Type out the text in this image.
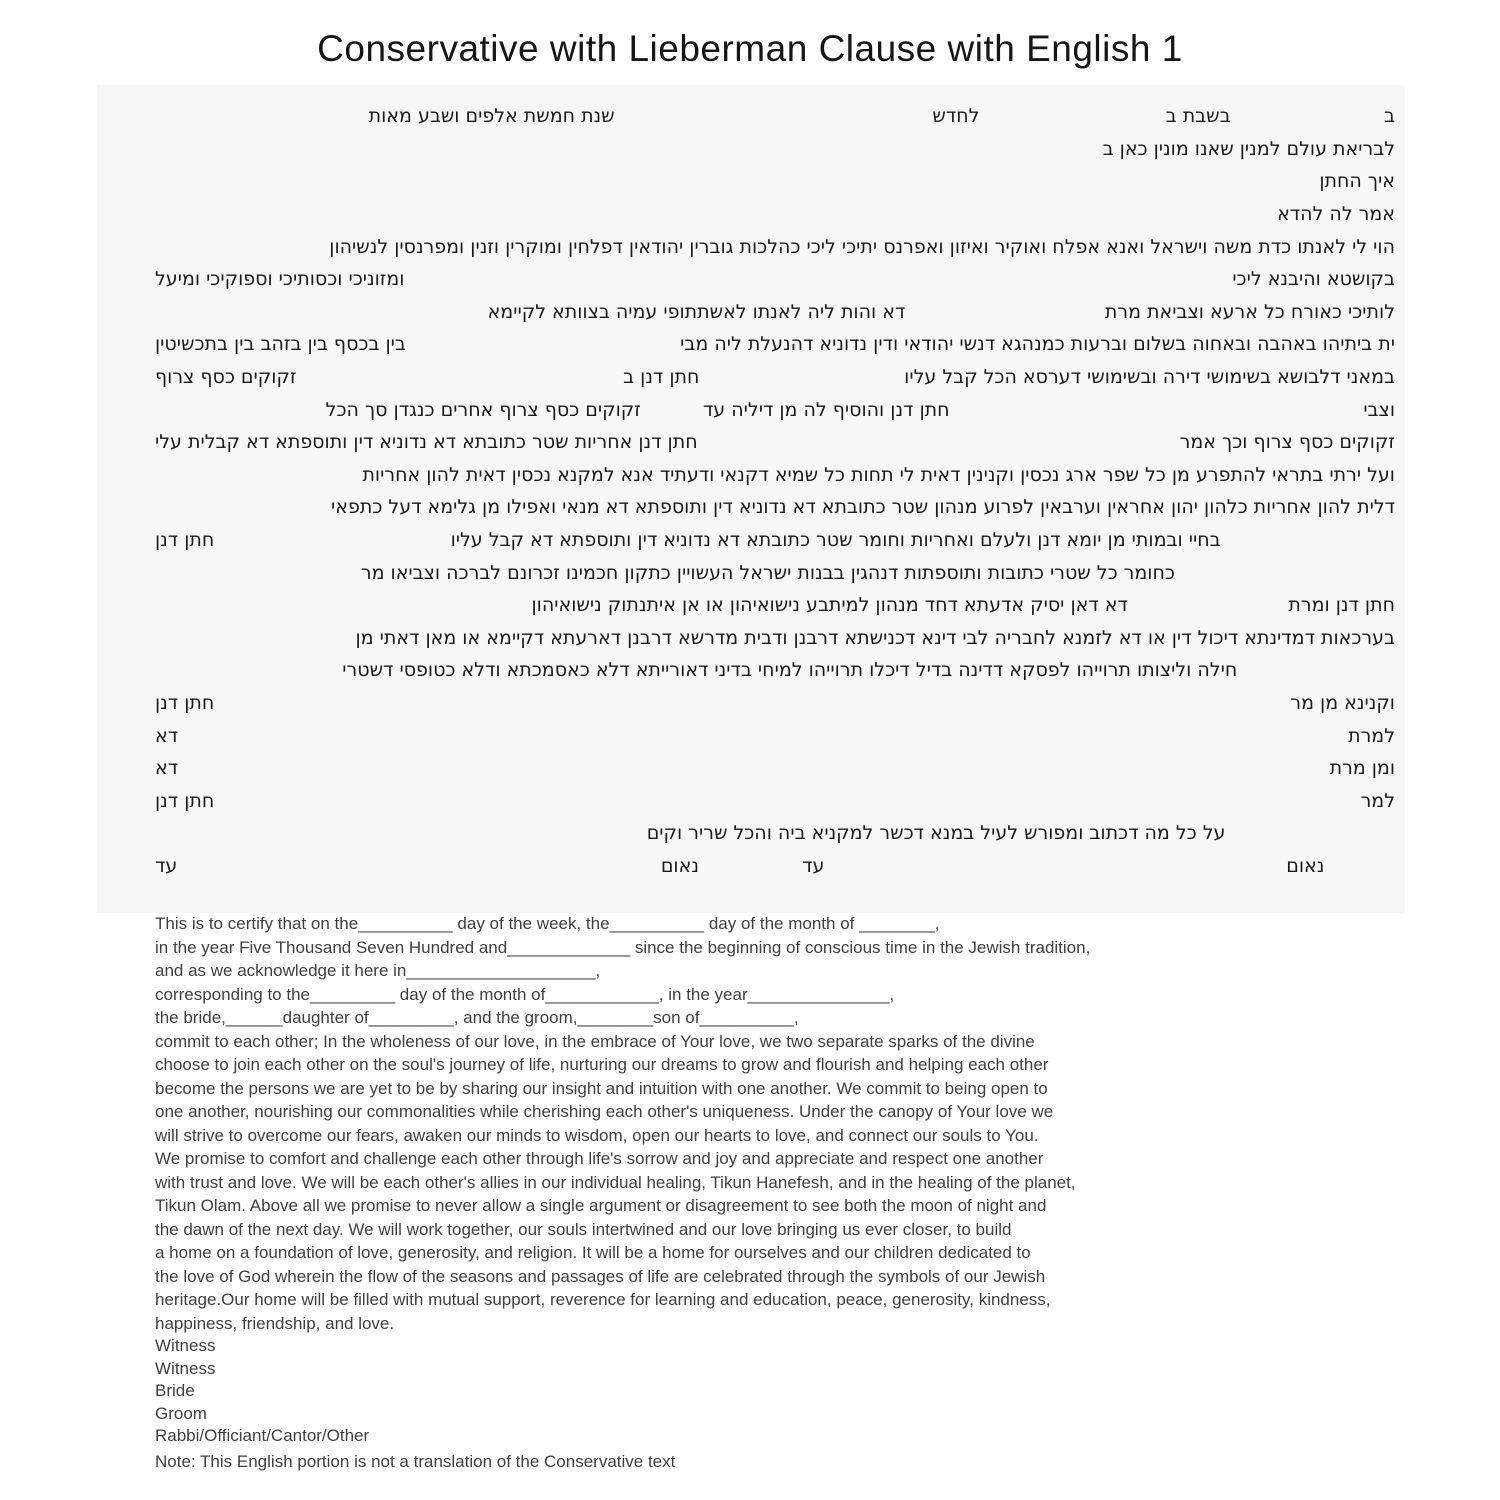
Conservative with Lieberman Clause with English 1
ב
בשבת ב
לחדש
שנת חמשת אלפים ושבע מאות
לבריאת עולם למנין שאנו מונין כאן ב
איך החתן
אמר לה להדא
הוי לי לאנתו כדת משה וישראל ואנא אפלח ואוקיר ואיזון ואפרנס יתיכי ליכי כהלכות גוברין יהודאין דפלחין ומוקרין וזנין ומפרנסין לנשיהון
בקושטא והיבנא ליכי
ומזוניכי וכסותיכי וספוקיכי ומיעל
לותיכי כאורח כל ארעא וצביאת מרת
דא והות ליה לאנתו לאשתתופי עמיה בצוותא לקיימא
ית ביתיהו באהבה ובאחוה בשלום וברעות כמנהגא דנשי יהודאי ודין נדוניא דהנעלת ליה מבי
בין בכסף בין בזהב בין בתכשיטין
במאני דלבושא בשימושי דירה ובשימושי דערסא הכל קבל עליו
חתן דנן ב
זקוקים כסף צרוף
וצבי
חתן דנן והוסיף לה מן דיליה עד
זקוקים כסף צרוף אחרים כנגדן סך הכל
זקוקים כסף צרוף וכך אמר
חתן דנן אחריות שטר כתובתא דא נדוניא דין ותוספתא דא קבלית עלי
ועל ירתי בתראי להתפרע מן כל שפר ארג נכסין וקנינין דאית לי תחות כל שמיא דקנאי ודעתיד אנא למקנא נכסין דאית להון אחריות
דלית להון אחריות כלהון יהון אחראין וערבאין לפרוע מנהון שטר כתובתא דא נדוניא דין ותוספתא דא מנאי ואפילו מן גלימא דעל כתפאי
בחיי ובמותי מן יומא דנן ולעלם ואחריות וחומר שטר כתובתא דא נדוניא דין ותוספתא דא קבל עליו
חתן דנן
כחומר כל שטרי כתובות ותוספתות דנהגין בבנות ישראל העשויין כתקון חכמינו זכרונם לברכה וצביאו מר
חתן דנן ומרת
דא דאן יסיק אדעתא דחד מנהון למיתבע נישואיהון או אן איתנתוק נישואיהון
בערכאות דמדינתא דיכול דין או דא לזמנא לחבריה לבי דינא דכנישתא דרבנן ודבית מדרשא דרבנן דארעתא דקיימא או מאן דאתי מן
חילה וליצותו תרוייהו לפסקא דדינה בדיל דיכלו תרוייהו למיחי בדיני דאורייתא דלא כאסמכתא ודלא כטופסי דשטרי
וקנינא מן מר
חתן דנן
למרת
דא
ומן מרת
דא
למר
חתן דנן
על כל מה דכתוב ומפורש לעיל במנא דכשר למקניא ביה והכל שריר וקים
נאום
עד
נאום
עד
This is to certify that on the__________ day of the week, the__________ day of the month of ________,
in the year Five Thousand Seven Hundred and_____________ since the beginning of conscious time in the Jewish tradition,
and as we acknowledge it here in____________________,
corresponding to the_________ day of the month of____________, in the year_______________,
the bride,______daughter of_________, and the groom,________son of__________,
commit to each other; In the wholeness of our love, in the embrace of Your love, we two separate sparks of the divine
choose to join each other on the soul's journey of life, nurturing our dreams to grow and flourish and helping each other
become the persons we are yet to be by sharing our insight and intuition with one another. We commit to being open to
one another, nourishing our commonalities while cherishing each other's uniqueness. Under the canopy of Your love we
will strive to overcome our fears, awaken our minds to wisdom, open our hearts to love, and connect our souls to You.
We promise to comfort and challenge each other through life's sorrow and joy and appreciate and respect one another
with trust and love. We will be each other's allies in our individual healing, Tikun Hanefesh, and in the healing of the planet,
Tikun Olam. Above all we promise to never allow a single argument or disagreement to see both the moon of night and
the dawn of the next day. We will work together, our souls intertwined and our love bringing us ever closer, to build
a home on a foundation of love, generosity, and religion. It will be a home for ourselves and our children dedicated to
the love of God wherein the flow of the seasons and passages of life are celebrated through the symbols of our Jewish
heritage.Our home will be filled with mutual support, reverence for learning and education, peace, generosity, kindness,
happiness, friendship, and love.
Witness
Witness
Bride
Groom
Rabbi/Officiant/Cantor/Other
Note: This English portion is not a translation of the Conservative text
